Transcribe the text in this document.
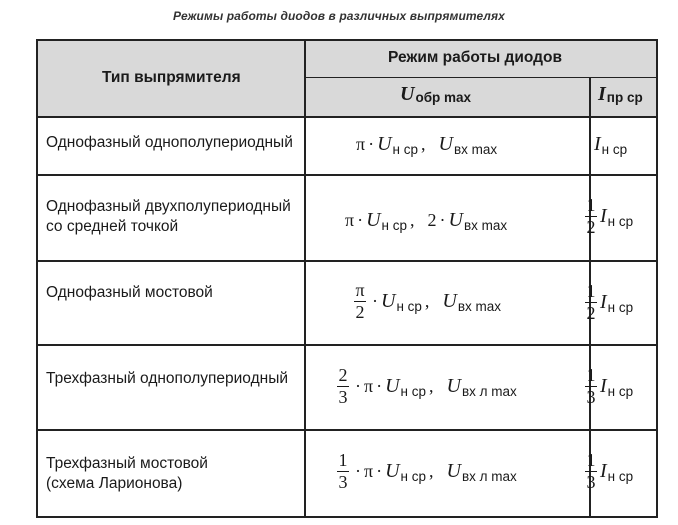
Режимы работы диодов в различных выпрямителях
Тип выпрямителя
Режим работы диодов
U обр max	I пр ср
Однофазный однополупериодный	π · U н ср , U вх max	I н ср
Однофазный двухполупериодный
со средней точкой	π · U н ср , 2 · U вх max	$\frac{1}{2}$ I н ср
Однофазный мостовой	$\frac{\pi}{2} \cdot U$ н ср , U вх max	$\frac{1}{2}$ I н ср
Трехфазный однополупериодный	$\frac{2}{3} \cdot \pi \cdot U$ н ср , U вх л max	$\frac{1}{3}$ I н ср
Трехфазный мостовой
(схема Ларионова)	$\frac{1}{3} \cdot \pi \cdot U$ н ср , U вх л max	$\frac{1}{3}$ I н ср
